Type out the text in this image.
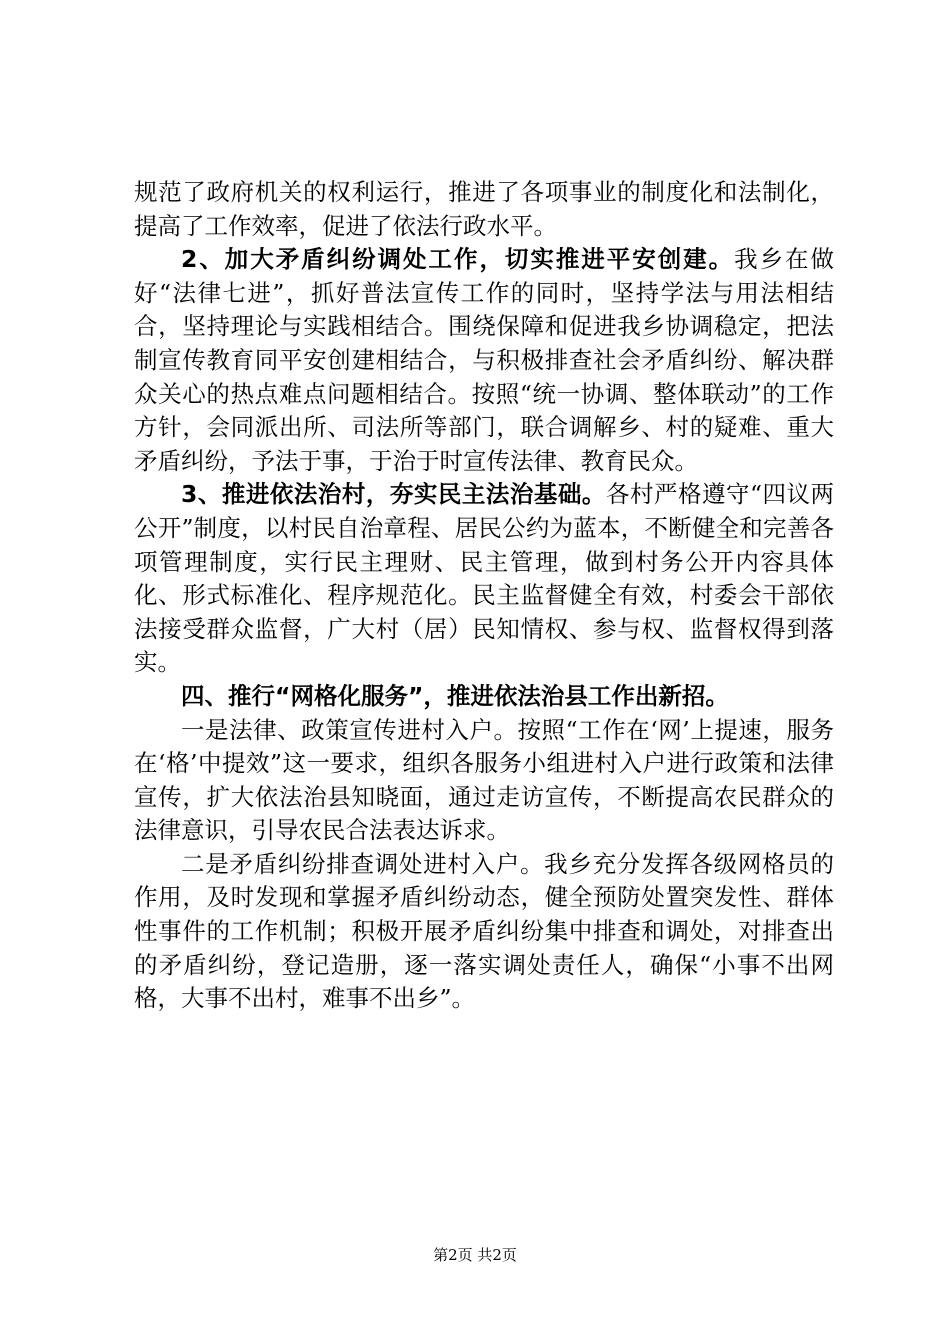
规范了政府机关的权利运行，推进了各项事业的制度化和法制化，提高了工作效率，促进了依法行政水平。

2、加大矛盾纠纷调处工作，切实推进平安创建。我乡在做好“法律七进”，抓好普法宣传工作的同时，坚持学法与用法相结合，坚持理论与实践相结合。围绕保障和促进我乡协调稳定，把法制宣传教育同平安创建相结合，与积极排查社会矛盾纠纷、解决群众关心的热点难点问题相结合。按照“统一协调、整体联动”的工作方针，会同派出所、司法所等部门，联合调解乡、村的疑难、重大矛盾纠纷，予法于事，于治于时宣传法律、教育民众。

3、推进依法治村，夯实民主法治基础。各村严格遵守“四议两公开”制度，以村民自治章程、居民公约为蓝本，不断健全和完善各项管理制度，实行民主理财、民主管理，做到村务公开内容具体化、形式标准化、程序规范化。民主监督健全有效，村委会干部依法接受群众监督，广大村（居）民知情权、参与权、监督权得到落实。

四、推行“网格化服务”，推进依法治县工作出新招。

一是法律、政策宣传进村入户。按照“工作在‘网’上提速，服务在‘格’中提效”这一要求，组织各服务小组进村入户进行政策和法律宣传，扩大依法治县知晓面，通过走访宣传，不断提高农民群众的法律意识，引导农民合法表达诉求。

二是矛盾纠纷排查调处进村入户。我乡充分发挥各级网格员的作用，及时发现和掌握矛盾纠纷动态，健全预防处置突发性、群体性事件的工作机制；积极开展矛盾纠纷集中排查和调处，对排查出的矛盾纠纷，登记造册，逐一落实调处责任人，确保“小事不出网格，大事不出村，难事不出乡”。

第2页 共2页
